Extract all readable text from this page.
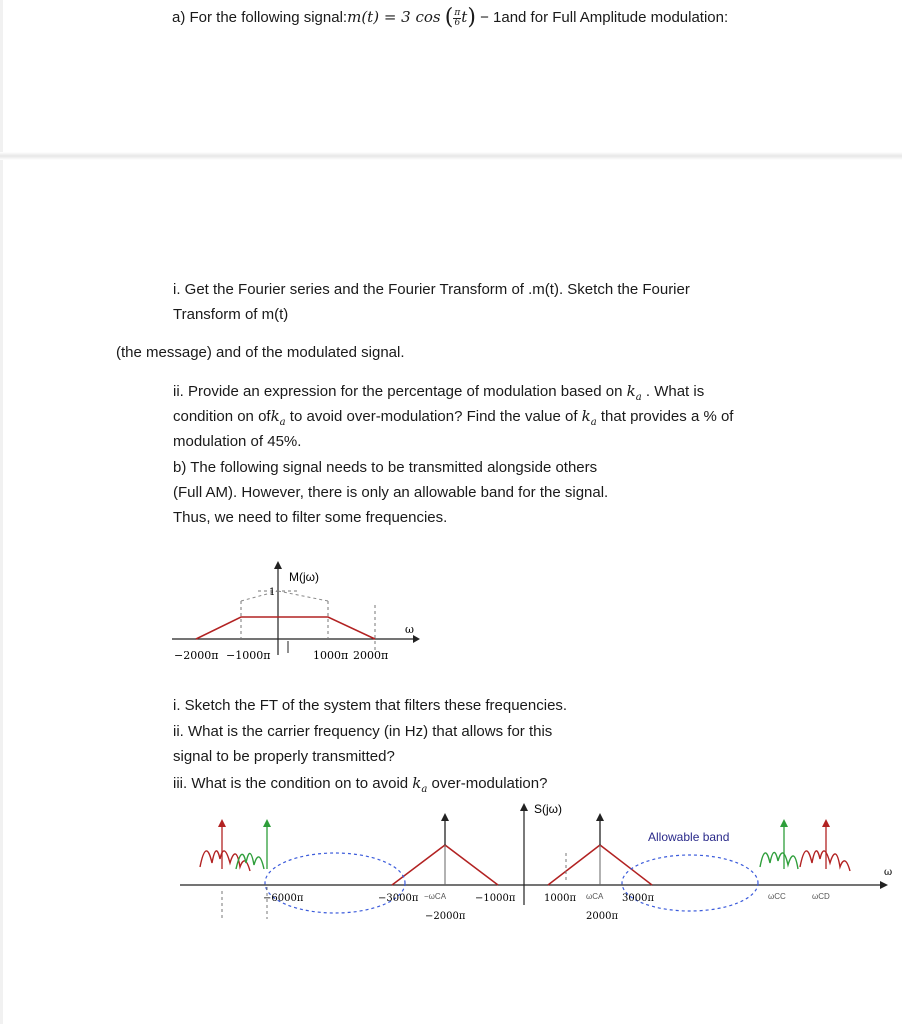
a) For the following signal:m(t) = 3 cos ( $\frac{\pi}{6} t) - 1and$ for Full Amplitude modulation:
i. Get the Fourier series and the Fourier Transform of .m(t). Sketch the Fourier
Transform of m(t)
(the message) and of the modulated signal.
ii. Provide an expression for the percentage of modulation based on $k_a$ . What is
condition on ofk$_a$ to avoid over-modulation? Find the value of $k_a$ that provides a % of
modulation of 45%.
b) The following signal needs to be transmitted alongside others
(Full AM). However, there is only an allowable band for the signal.
Thus, we need to filter some frequencies.
M(jω)
1
ω
−2000π −1000π	1000π 2000π
i. Sketch the FT of the system that filters these frequencies.
ii. What is the carrier frequency (in Hz) that allows for this
signal to be properly transmitted?
iii. What is the condition on to avoid $k_a$ over-modulation?
S(jω)
ω
Allowable band
−6000π	−3000π −ωCA	−1000π
−2000π
1000π ωCA 3000π
2000π
ωCC	ωCD
